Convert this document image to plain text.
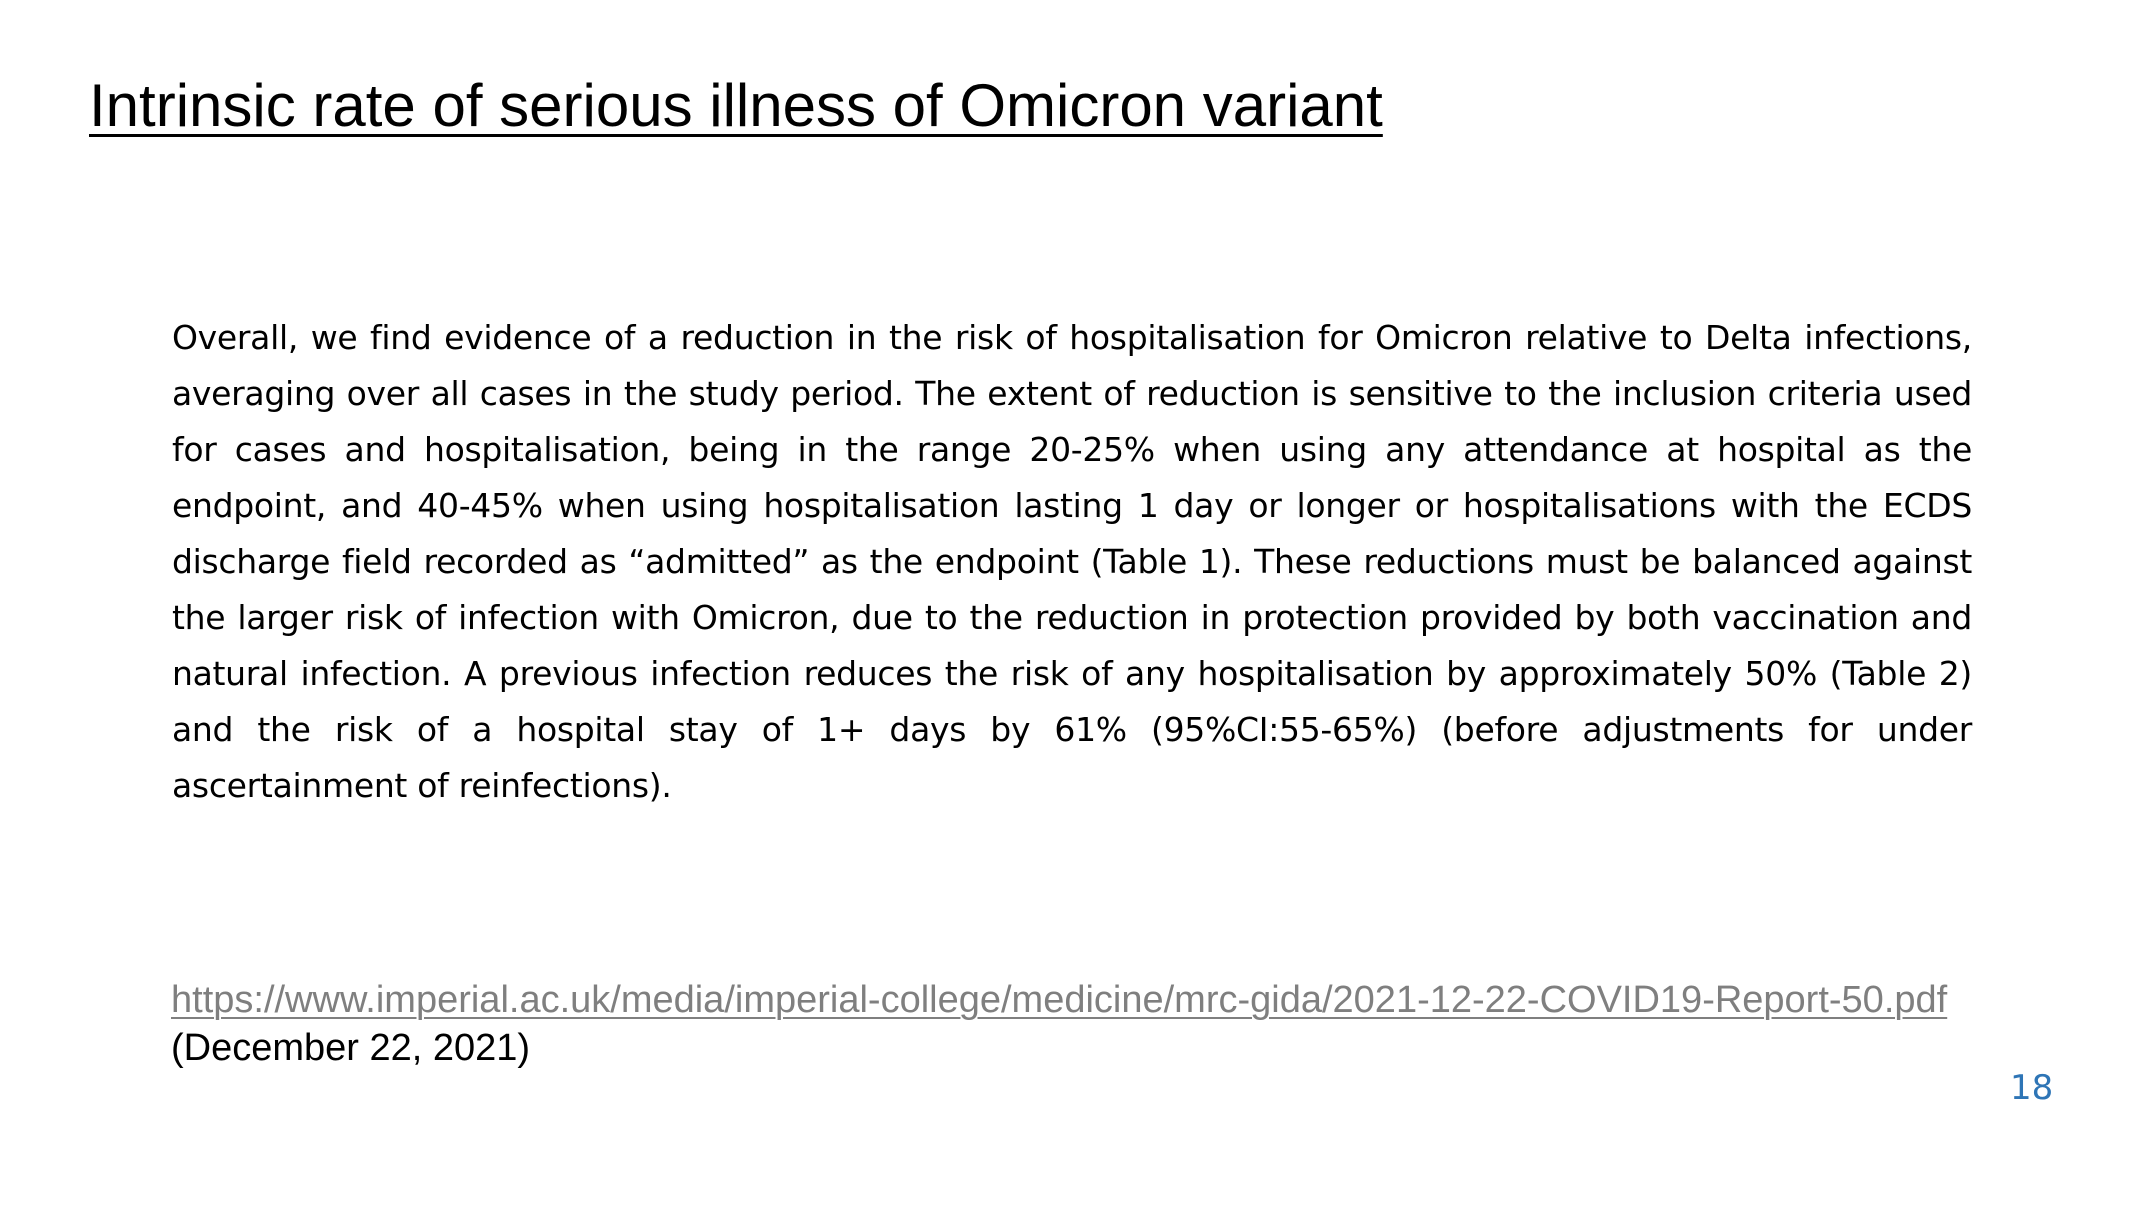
Intrinsic rate of serious illness of Omicron variant

Overall, we find evidence of a reduction in the risk of hospitalisation for Omicron relative to Delta infections, averaging over all cases in the study period. The extent of reduction is sensitive to the inclusion criteria used for cases and hospitalisation, being in the range 20-25% when using any attendance at hospital as the endpoint, and 40-45% when using hospitalisation lasting 1 day or longer or hospitalisations with the ECDS discharge field recorded as “admitted” as the endpoint (Table 1). These reductions must be balanced against the larger risk of infection with Omicron, due to the reduction in protection provided by both vaccination and natural infection. A previous infection reduces the risk of any hospitalisation by approximately 50% (Table 2) and the risk of a hospital stay of 1+ days by 61% (95%CI:55-65%) (before adjustments for under ascertainment of reinfections).

https://www.imperial.ac.uk/media/imperial-college/medicine/mrc-gida/2021-12-22-COVID19-Report-50.pdf (December 22, 2021)

18
